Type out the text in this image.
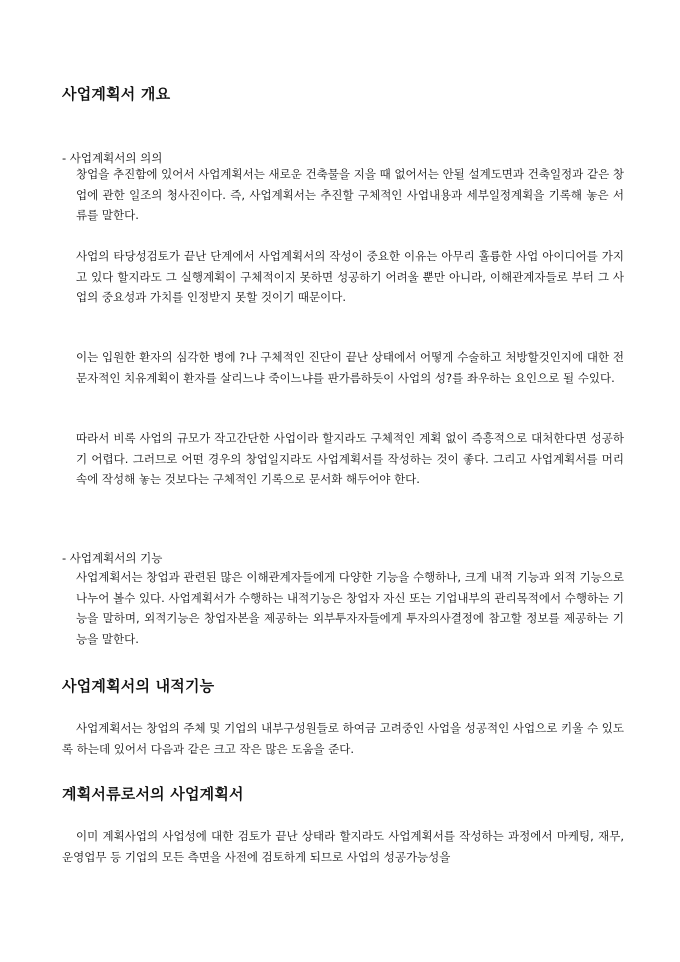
사업계획서 개요
- 사업계획서의 의의

창업을 추진함에 있어서 사업계획서는 새로운 건축물을 지을 때 없어서는 안될 설계도면과 건축일정과 같은 창업에 관한 일조의 청사진이다. 즉, 사업계획서는 추진할 구체적인 사업내용과 세부일정계획을 기록해 놓은 서류를 말한다.

사업의 타당성검토가 끝난 단계에서 사업계획서의 작성이 중요한 이유는 아무리 훌륭한 사업 아이디어를 가지고 있다 할지라도 그 실행계획이 구체적이지 못하면 성공하기 어려울 뿐만 아니라, 이해관계자들로 부터 그 사업의 중요성과 가치를 인정받지 못할 것이기 때문이다.

이는 입원한 환자의 심각한 병에 ?나 구체적인 진단이 끝난 상태에서 어떻게 수술하고 처방할것인지에 대한 전문자적인 치유계획이 환자를 살리느냐 죽이느냐를 판가름하듯이 사업의 성?를 좌우하는 요인으로 될 수있다.

따라서 비록 사업의 규모가 작고간단한 사업이라 할지라도 구체적인 계획 없이 즉흥적으로 대처한다면 성공하기 어렵다. 그러므로 어떤 경우의 창업일지라도 사업계획서를 작성하는 것이 좋다. 그리고 사업계획서를 머리 속에 작성해 놓는 것보다는 구체적인 기록으로 문서화 해두어야 한다.

- 사업계획서의 기능

사업계획서는 창업과 관련된 많은 이해관계자들에게 다양한 기능을 수행하나, 크게 내적 기능과 외적 기능으로 나누어 볼수 있다. 사업계획서가 수행하는 내적기능은 창업자 자신 또는 기업내부의 관리목적에서 수행하는 기능을 말하며, 외적기능은 창업자본을 제공하는 외부투자자들에게 투자의사결정에 참고할 정보를 제공하는 기능을 말한다.

사업계획서의 내적기능

사업계획서는 창업의 주체 및 기업의 내부구성원들로 하여금 고려중인 사업을 성공적인 사업으로 키울 수 있도록 하는데 있어서 다음과 같은 크고 작은 많은 도움을 준다.

계획서류로서의 사업계획서

이미 계획사업의 사업성에 대한 검토가 끝난 상태라 할지라도 사업계획서를 작성하는 과정에서 마케팅, 재무, 운영업무 등 기업의 모든 측면을 사전에 검토하게 되므로 사업의 성공가능성을
